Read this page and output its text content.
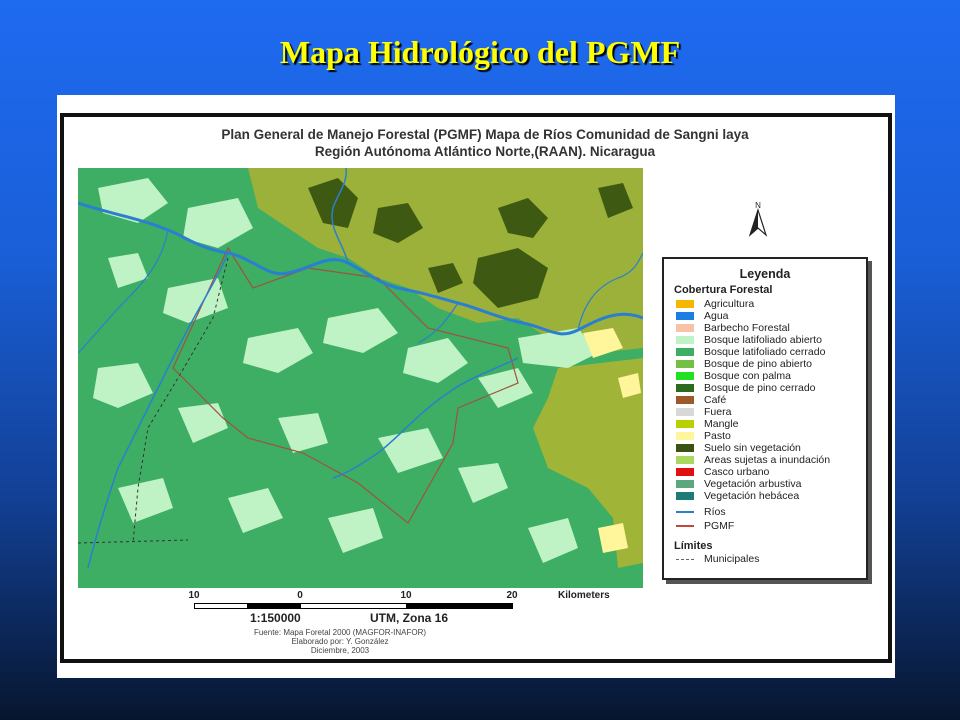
Mapa Hidrológico del PGMF
Plan General de Manejo Forestal (PGMF) Mapa de Ríos Comunidad de Sangni laya
Región Autónoma Atlántico Norte,(RAAN). Nicaragua
N
Leyenda
Cobertura Forestal
Agricultura
Agua
Barbecho Forestal
Bosque latifoliado abierto
Bosque latifoliado cerrado
Bosque de pino abierto
Bosque con palma
Bosque de pino cerrado
Café
Fuera
Mangle
Pasto
Suelo sin vegetación
Areas sujetas a inundación
Casco urbano
Vegetación arbustiva
Vegetación hebácea
Ríos
PGMF
Límites
Municipales
10	0	10	20	Kilometers
1:150000	UTM, Zona 16
Fuente: Mapa Foretal 2000 (MAGFOR-INAFOR)
Elaborado por: Y. González
Diciembre, 2003
